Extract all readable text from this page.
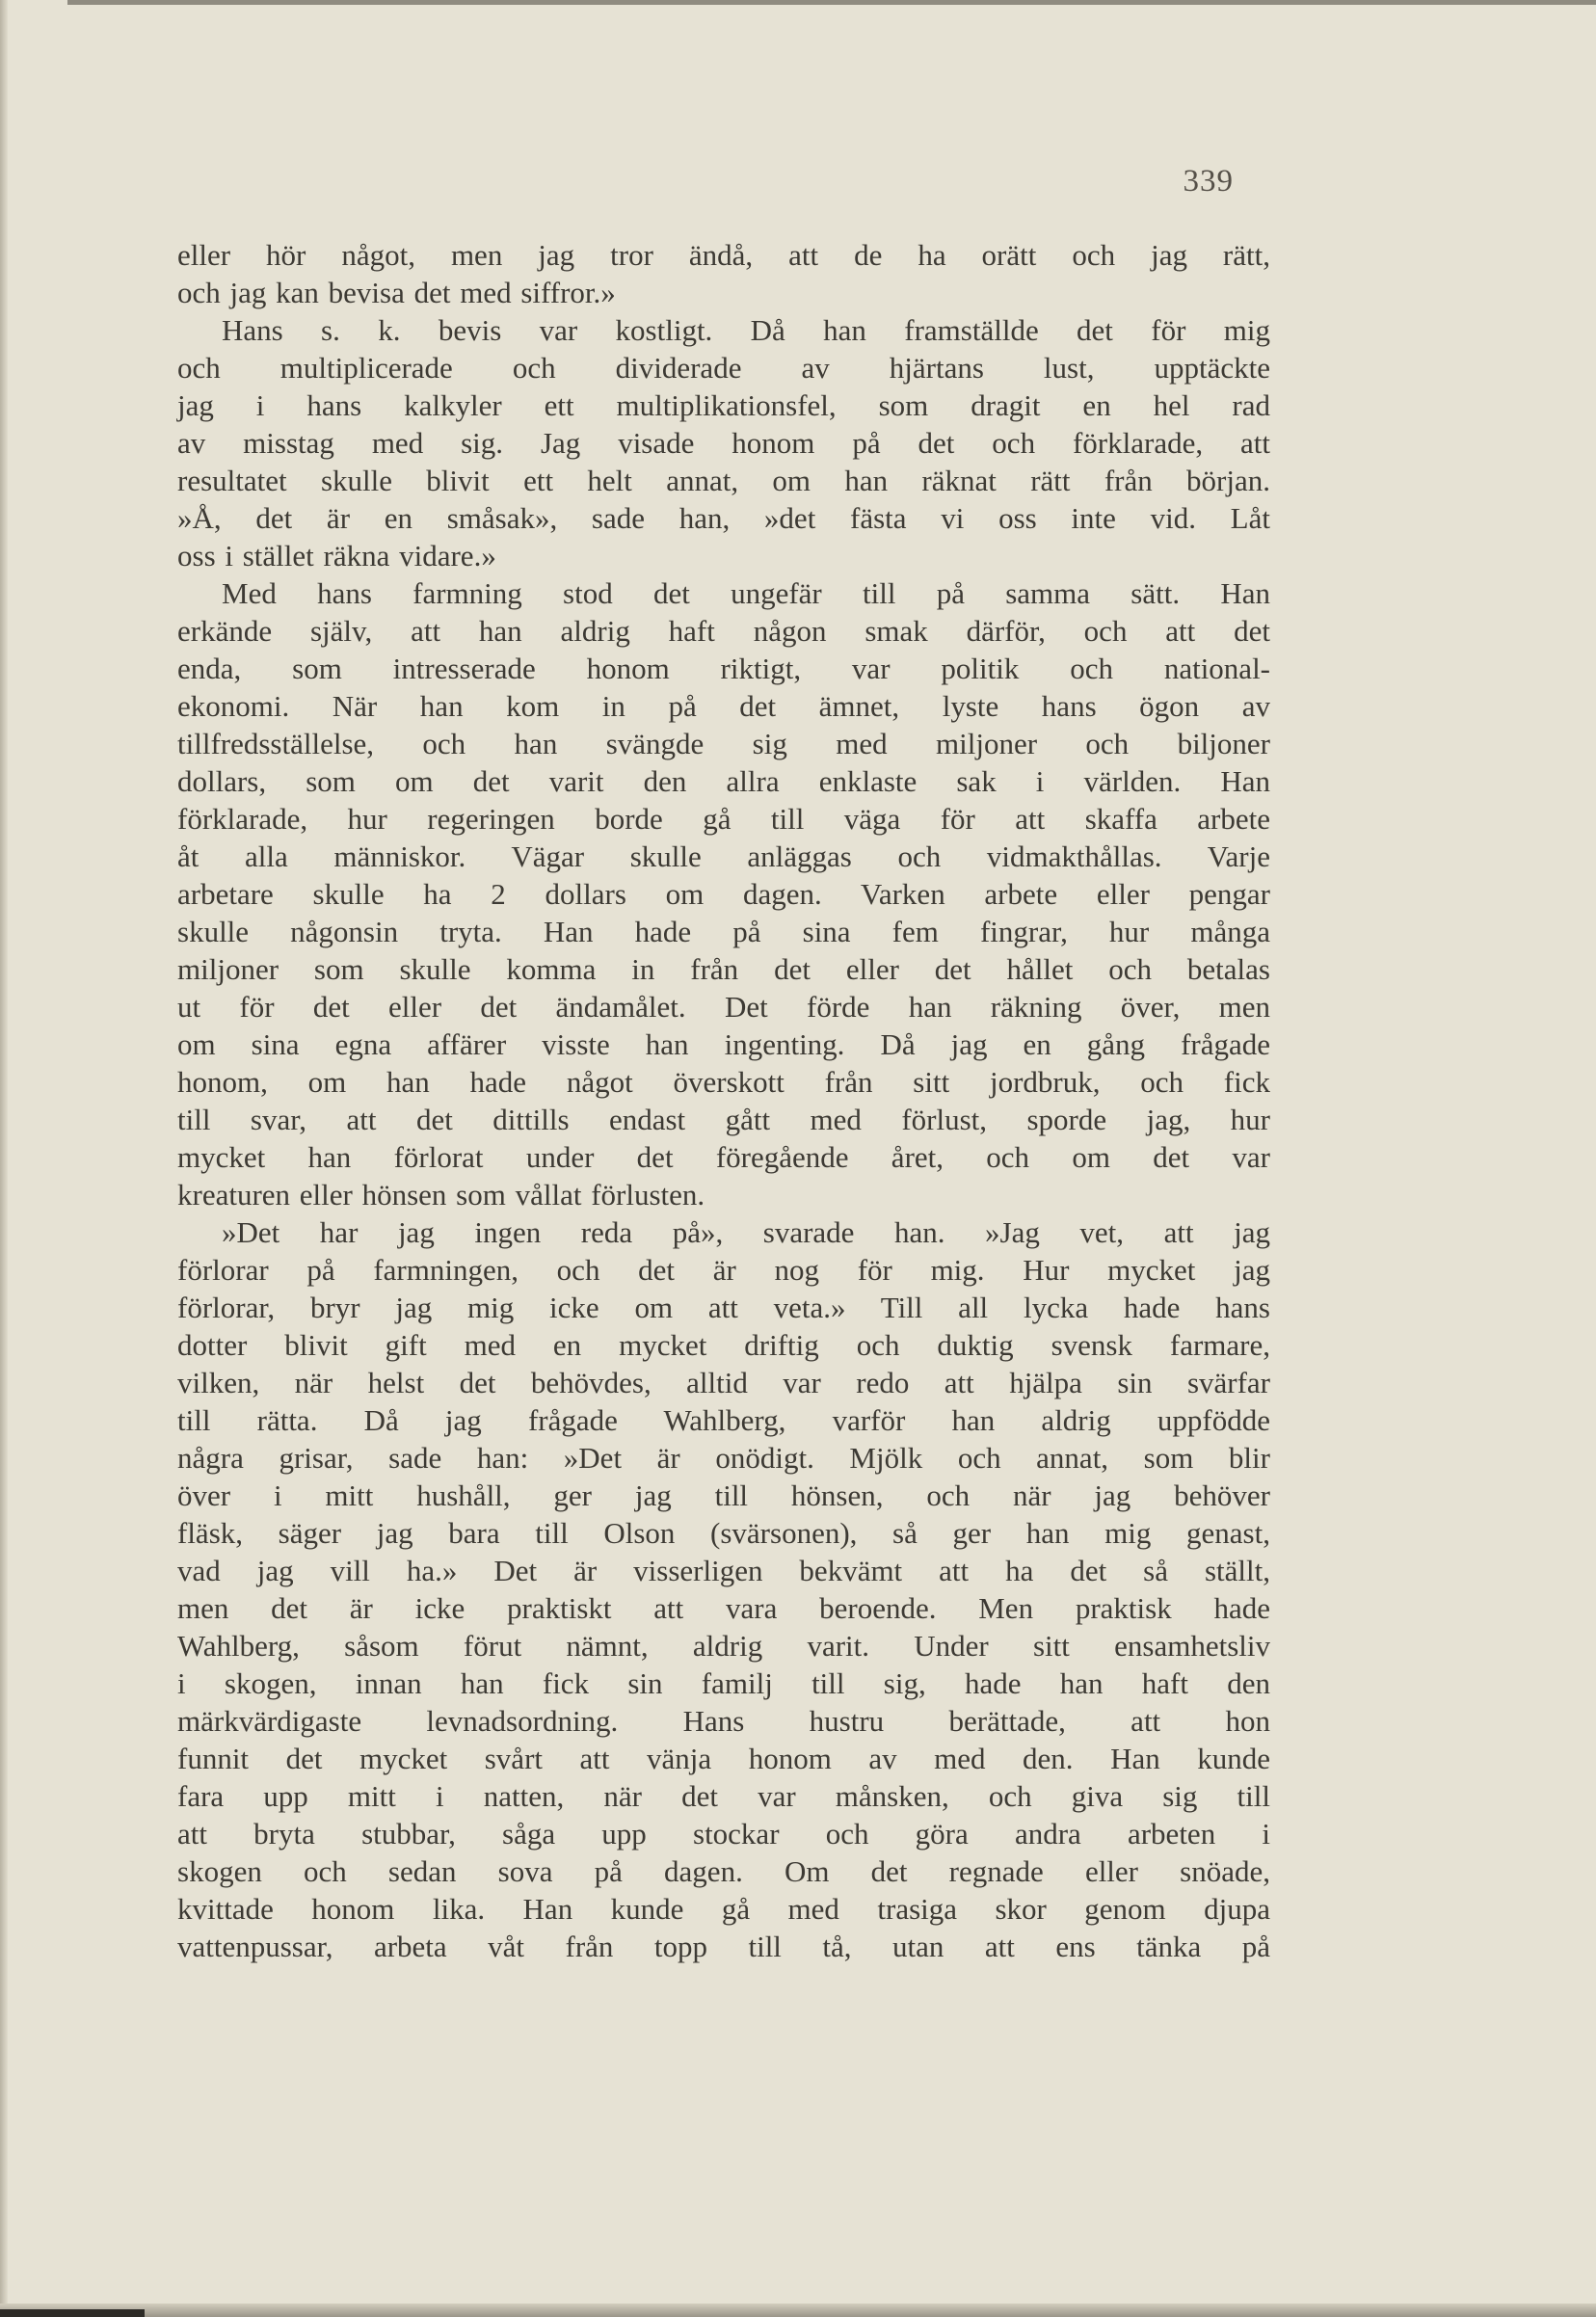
339
eller hör något, men jag tror ändå, att de ha orätt och jag rätt,
och jag kan bevisa det med siffror.»
Hans s. k. bevis var kostligt. Då han framställde det för mig
och multiplicerade och dividerade av hjärtans lust, upptäckte
jag i hans kalkyler ett multiplikationsfel, som dragit en hel rad
av misstag med sig. Jag visade honom på det och förklarade, att
resultatet skulle blivit ett helt annat, om han räknat rätt från början.
»Å, det är en småsak», sade han, »det fästa vi oss inte vid. Låt
oss i stället räkna vidare.»
Med hans farmning stod det ungefär till på samma sätt. Han
erkände själv, att han aldrig haft någon smak därför, och att det
enda, som intresserade honom riktigt, var politik och national-
ekonomi. När han kom in på det ämnet, lyste hans ögon av
tillfredsställelse, och han svängde sig med miljoner och biljoner
dollars, som om det varit den allra enklaste sak i världen. Han
förklarade, hur regeringen borde gå till väga för att skaffa arbete
åt alla människor. Vägar skulle anläggas och vidmakthållas. Varje
arbetare skulle ha 2 dollars om dagen. Varken arbete eller pengar
skulle någonsin tryta. Han hade på sina fem fingrar, hur många
miljoner som skulle komma in från det eller det hållet och betalas
ut för det eller det ändamålet. Det förde han räkning över, men
om sina egna affärer visste han ingenting. Då jag en gång frågade
honom, om han hade något överskott från sitt jordbruk, och fick
till svar, att det dittills endast gått med förlust, sporde jag, hur
mycket han förlorat under det föregående året, och om det var
kreaturen eller hönsen som vållat förlusten.
»Det har jag ingen reda på», svarade han. »Jag vet, att jag
förlorar på farmningen, och det är nog för mig. Hur mycket jag
förlorar, bryr jag mig icke om att veta.» Till all lycka hade hans
dotter blivit gift med en mycket driftig och duktig svensk farmare,
vilken, när helst det behövdes, alltid var redo att hjälpa sin svärfar
till rätta. Då jag frågade Wahlberg, varför han aldrig uppfödde
några grisar, sade han: »Det är onödigt. Mjölk och annat, som blir
över i mitt hushåll, ger jag till hönsen, och när jag behöver
fläsk, säger jag bara till Olson (svärsonen), så ger han mig genast,
vad jag vill ha.» Det är visserligen bekvämt att ha det så ställt,
men det är icke praktiskt att vara beroende. Men praktisk hade
Wahlberg, såsom förut nämnt, aldrig varit. Under sitt ensamhetsliv
i skogen, innan han fick sin familj till sig, hade han haft den
märkvärdigaste levnadsordning. Hans hustru berättade, att hon
funnit det mycket svårt att vänja honom av med den. Han kunde
fara upp mitt i natten, när det var månsken, och giva sig till
att bryta stubbar, såga upp stockar och göra andra arbeten i
skogen och sedan sova på dagen. Om det regnade eller snöade,
kvittade honom lika. Han kunde gå med trasiga skor genom djupa
vattenpussar, arbeta våt från topp till tå, utan att ens tänka på
